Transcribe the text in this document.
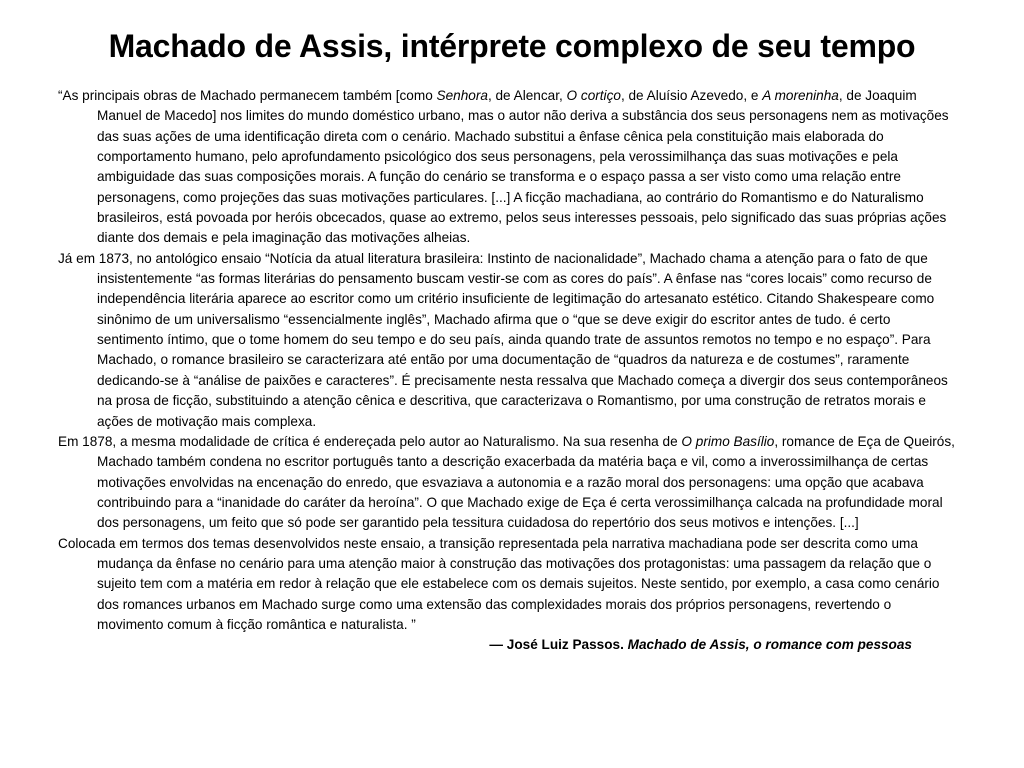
Machado de Assis, intérprete complexo de seu tempo

“As principais obras de Machado permanecem também [como Senhora, de Alencar, O cortiço, de Aluísio Azevedo, e A moreninha, de Joaquim Manuel de Macedo] nos limites do mundo doméstico urbano, mas o autor não deriva a substância dos seus personagens nem as motivações das suas ações de uma identificação direta com o cenário. Machado substitui a ênfase cênica pela constituição mais elaborada do comportamento humano, pelo aprofundamento psicológico dos seus personagens, pela verossimilhança das suas motivações e pela ambiguidade das suas composições morais. A função do cenário se transforma e o espaço passa a ser visto como uma relação entre personagens, como projeções das suas motivações particulares. [...] A ficção machadiana, ao contrário do Romantismo e do Naturalismo brasileiros, está povoada por heróis obcecados, quase ao extremo, pelos seus interesses pessoais, pelo significado das suas próprias ações diante dos demais e pela imaginação das motivações alheias.

Já em 1873, no antológico ensaio “Notícia da atual literatura brasileira: Instinto de nacionalidade”, Machado chama a atenção para o fato de que insistentemente “as formas literárias do pensamento buscam vestir-se com as cores do país”. A ênfase nas “cores locais” como recurso de independência literária aparece ao escritor como um critério insuficiente de legitimação do artesanato estético. Citando Shakespeare como sinônimo de um universalismo “essencialmente inglês”, Machado afirma que o “que se deve exigir do escritor antes de tudo. é certo sentimento íntimo, que o tome homem do seu tempo e do seu país, ainda quando trate de assuntos remotos no tempo e no espaço”. Para Machado, o romance brasileiro se caracterizara até então por uma documentação de “quadros da natureza e de costumes”, raramente dedicando-se à “análise de paixões e caracteres”. É precisamente nesta ressalva que Machado começa a divergir dos seus contemporâneos na prosa de ficção, substituindo a atenção cênica e descritiva, que caracterizava o Romantismo, por uma construção de retratos morais e ações de motivação mais complexa.

Em 1878, a mesma modalidade de crítica é endereçada pelo autor ao Naturalismo. Na sua resenha de O primo Basílio, romance de Eça de Queirós, Machado também condena no escritor português tanto a descrição exacerbada da matéria baça e vil, como a inverossimilhança de certas motivações envolvidas na encenação do enredo, que esvaziava a autonomia e a razão moral dos personagens: uma opção que acabava contribuindo para a “inanidade do caráter da heroína”. O que Machado exige de Eça é certa verossimilhança calcada na profundidade moral dos personagens, um feito que só pode ser garantido pela tessitura cuidadosa do repertório dos seus motivos e intenções. [...]

Colocada em termos dos temas desenvolvidos neste ensaio, a transição representada pela narrativa machadiana pode ser descrita como uma mudança da ênfase no cenário para uma atenção maior à construção das motivações dos protagonistas: uma passagem da relação que o sujeito tem com a matéria em redor à relação que ele estabelece com os demais sujeitos. Neste sentido, por exemplo, a casa como cenário dos romances urbanos em Machado surge como uma extensão das complexidades morais dos próprios personagens, revertendo o movimento comum à ficção romântica e naturalista. ”

— José Luiz Passos. Machado de Assis, o romance com pessoas
